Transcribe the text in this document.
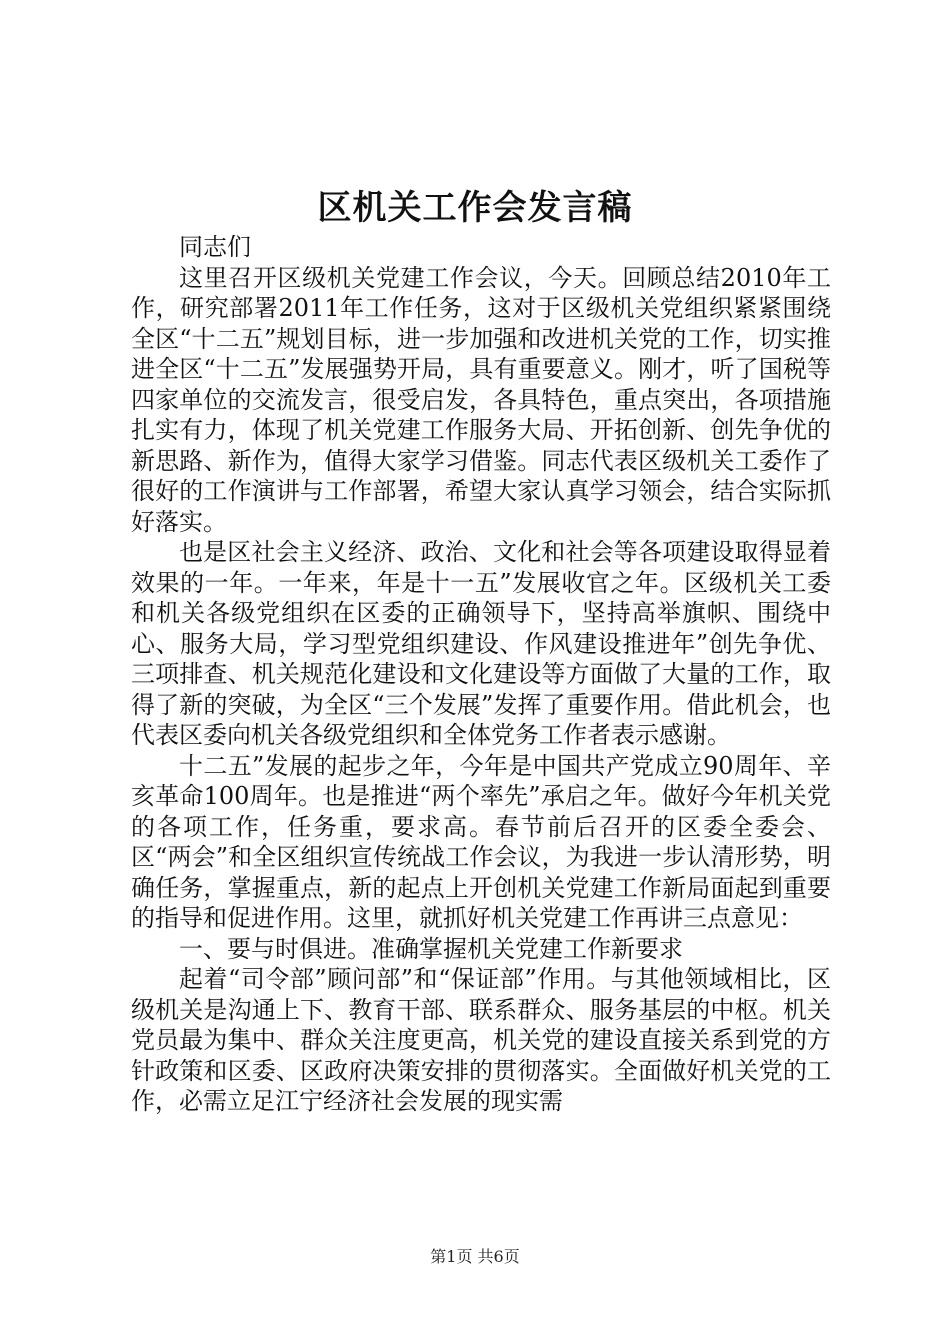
区机关工作会发言稿

同志们

这里召开区级机关党建工作会议，今天。回顾总结2010年工作，研究部署2011年工作任务，这对于区级机关党组织紧紧围绕全区“十二五”规划目标，进一步加强和改进机关党的工作，切实推进全区“十二五”发展强势开局，具有重要意义。刚才，听了国税等四家单位的交流发言，很受启发，各具特色，重点突出，各项措施扎实有力，体现了机关党建工作服务大局、开拓创新、创先争优的新思路、新作为，值得大家学习借鉴。同志代表区级机关工委作了很好的工作演讲与工作部署，希望大家认真学习领会，结合实际抓好落实。

也是区社会主义经济、政治、文化和社会等各项建设取得显着效果的一年。一年来，年是十一五”发展收官之年。区级机关工委和机关各级党组织在区委的正确领导下，坚持高举旗帜、围绕中心、服务大局，学习型党组织建设、作风建设推进年”创先争优、三项排查、机关规范化建设和文化建设等方面做了大量的工作，取得了新的突破，为全区“三个发展”发挥了重要作用。借此机会，也代表区委向机关各级党组织和全体党务工作者表示感谢。

十二五”发展的起步之年，今年是中国共产党成立90周年、辛亥革命100周年。也是推进“两个率先”承启之年。做好今年机关党的各项工作，任务重，要求高。春节前后召开的区委全委会、区“两会”和全区组织宣传统战工作会议，为我进一步认清形势，明确任务，掌握重点，新的起点上开创机关党建工作新局面起到重要的指导和促进作用。这里，就抓好机关党建工作再讲三点意见：

一、要与时俱进。准确掌握机关党建工作新要求

起着“司令部”顾问部”和“保证部”作用。与其他领域相比，区级机关是沟通上下、教育干部、联系群众、服务基层的中枢。机关党员最为集中、群众关注度更高，机关党的建设直接关系到党的方针政策和区委、区政府决策安排的贯彻落实。全面做好机关党的工作，必需立足江宁经济社会发展的现实需

第1页 共6页
